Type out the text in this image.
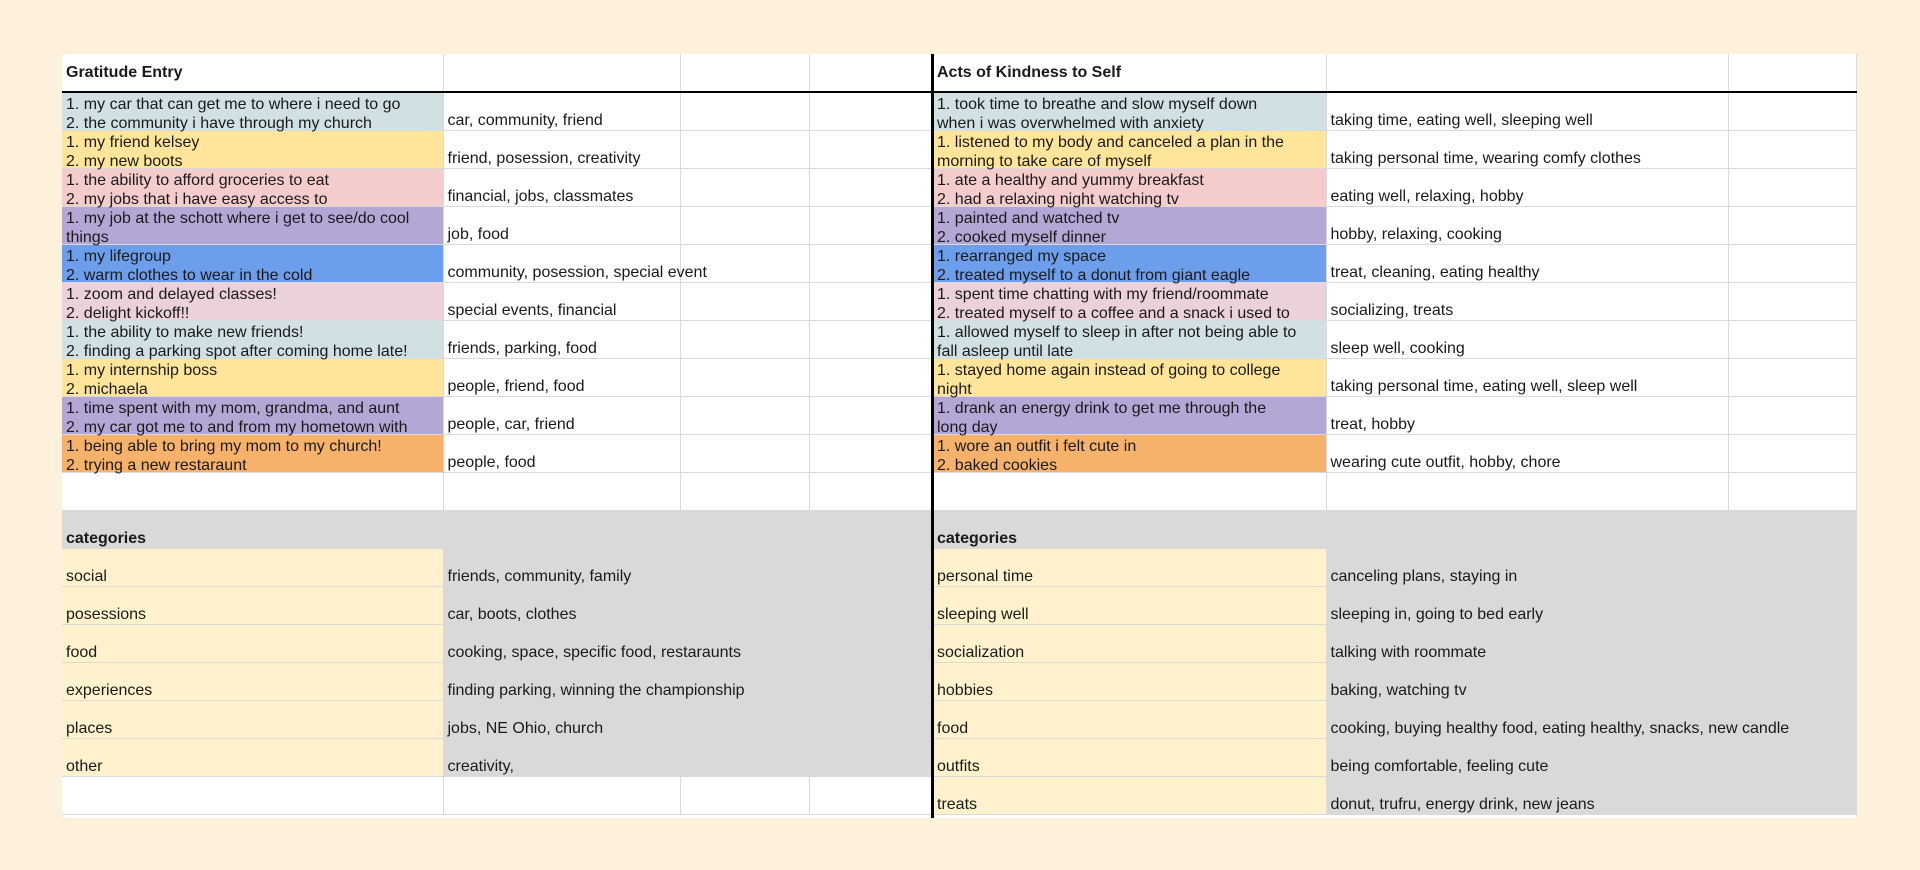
Gratitude Entry			

1. my car that can get me to where i need to go
2. the community i have through my church	car, community, friend		

1. my friend kelsey
2. my new boots	friend, posession, creativity		

1. the ability to afford groceries to eat
2. my jobs that i have easy access to	financial, jobs, classmates		

1. my job at the schott where i get to see/do cool
things	job, food		

1. my lifegroup
2. warm clothes to wear in the cold	community, posession, special event		

1. zoom and delayed classes!
2. delight kickoff!!	special events, financial		

1. the ability to make new friends!
2. finding a parking spot after coming home late!	friends, parking, food		

1. my internship boss
2. michaela	people, friend, food		

1. time spent with my mom, grandma, and aunt
2. my car got me to and from my hometown with	people, car, friend		

1. being able to bring my mom to my church!
2. trying a new restaraunt	people, food		

categories			
social	friends, community, family		
posessions	car, boots, clothes		
food	cooking, space, specific food, restaraunts		
experiences	finding parking, winning the championship		
places	jobs, NE Ohio, church		
other	creativity,		

Acts of Kindness to Self		

1. took time to breathe and slow myself down
when i was overwhelmed with anxiety	taking time, eating well, sleeping well	

1. listened to my body and canceled a plan in the
morning to take care of myself	taking personal time, wearing comfy clothes	

1. ate a healthy and yummy breakfast
2. had a relaxing night watching tv	eating well, relaxing, hobby	

1. painted and watched tv
2. cooked myself dinner	hobby, relaxing, cooking	

1. rearranged my space
2. treated myself to a donut from giant eagle	treat, cleaning, eating healthy	

1. spent time chatting with my friend/roommate
2. treated myself to a coffee and a snack i used to	socializing, treats	

1. allowed myself to sleep in after not being able to
fall asleep until late	sleep well, cooking	

1. stayed home again instead of going to college
night	taking personal time, eating well, sleep well	

1. drank an energy drink to get me through the
long day	treat, hobby	

1. wore an outfit i felt cute in
2. baked cookies	wearing cute outfit, hobby, chore	

categories		
personal time	canceling plans, staying in	
sleeping well	sleeping in, going to bed early	
socialization	talking with roommate	
hobbies	baking, watching tv	
food	cooking, buying healthy food, eating healthy, snacks, new candle	
outfits	being comfortable, feeling cute	
treats	donut, trufru, energy drink, new jeans	
